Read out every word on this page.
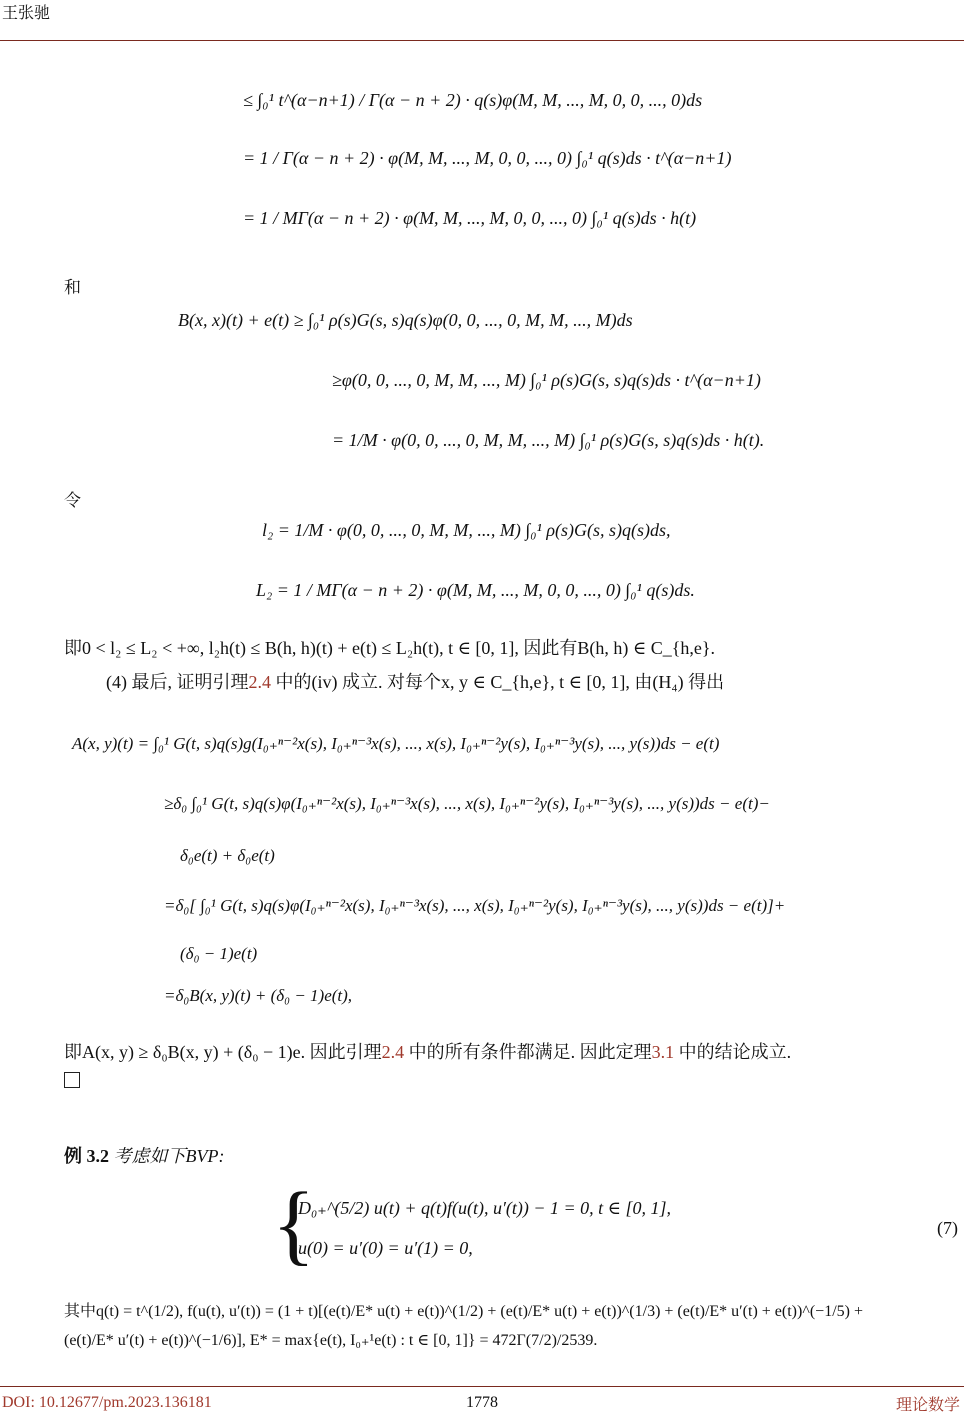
王张驰
≤ ∫₀¹ t^(α−n+1) / Γ(α − n + 2) · q(s)φ(M, M, ..., M, 0, 0, ..., 0)ds
= 1 / Γ(α − n + 2) · φ(M, M, ..., M, 0, 0, ..., 0) ∫₀¹ q(s)ds · t^(α−n+1)
= 1 / MΓ(α − n + 2) · φ(M, M, ..., M, 0, 0, ..., 0) ∫₀¹ q(s)ds · h(t)
和
B(x, x)(t) + e(t) ≥ ∫₀¹ ρ(s)G(s, s)q(s)φ(0, 0, ..., 0, M, M, ..., M)ds
≥φ(0, 0, ..., 0, M, M, ..., M) ∫₀¹ ρ(s)G(s, s)q(s)ds · t^(α−n+1)
= 1/M · φ(0, 0, ..., 0, M, M, ..., M) ∫₀¹ ρ(s)G(s, s)q(s)ds · h(t).
令
l₂ = 1/M · φ(0, 0, ..., 0, M, M, ..., M) ∫₀¹ ρ(s)G(s, s)q(s)ds,
L₂ = 1 / MΓ(α − n + 2) · φ(M, M, ..., M, 0, 0, ..., 0) ∫₀¹ q(s)ds.
即0 < l₂ ≤ L₂ < +∞, l₂h(t) ≤ B(h, h)(t) + e(t) ≤ L₂h(t), t ∈ [0, 1], 因此有B(h, h) ∈ C_{h,e}.
(4) 最后, 证明引理2.4 中的(iv) 成立. 对每个x, y ∈ C_{h,e}, t ∈ [0, 1], 由(H₄) 得出
A(x, y)(t) = ∫₀¹ G(t, s)q(s)g(I₀₊ⁿ⁻²x(s), I₀₊ⁿ⁻³x(s), ..., x(s), I₀₊ⁿ⁻²y(s), I₀₊ⁿ⁻³y(s), ..., y(s))ds − e(t)
≥δ₀ ∫₀¹ G(t, s)q(s)φ(I₀₊ⁿ⁻²x(s), I₀₊ⁿ⁻³x(s), ..., x(s), I₀₊ⁿ⁻²y(s), I₀₊ⁿ⁻³y(s), ..., y(s))ds − e(t)−
δ₀e(t) + δ₀e(t)
=δ₀[ ∫₀¹ G(t, s)q(s)φ(I₀₊ⁿ⁻²x(s), I₀₊ⁿ⁻³x(s), ..., x(s), I₀₊ⁿ⁻²y(s), I₀₊ⁿ⁻³y(s), ..., y(s))ds − e(t)]+
(δ₀ − 1)e(t)
=δ₀B(x, y)(t) + (δ₀ − 1)e(t),
即A(x, y) ≥ δ₀B(x, y) + (δ₀ − 1)e. 因此引理2.4 中的所有条件都满足. 因此定理3.1 中的结论成立.
例 3.2 考虑如下BVP:
{
D₀₊^(5/2) u(t) + q(t)f(u(t), u′(t)) − 1 = 0, t ∈ [0, 1],
u(0) = u′(0) = u′(1) = 0,
(7)
其中q(t) = t^(1/2), f(u(t), u′(t)) = (1 + t)[(e(t)/E* u(t) + e(t))^(1/2) + (e(t)/E* u(t) + e(t))^(1/3) + (e(t)/E* u′(t) + e(t))^(−1/5) +
(e(t)/E* u′(t) + e(t))^(−1/6)], E* = max{e(t), I₀₊¹e(t) : t ∈ [0, 1]} = 472Γ(7/2)/2539.
DOI: 10.12677/pm.2023.136181	1778	理论数学
